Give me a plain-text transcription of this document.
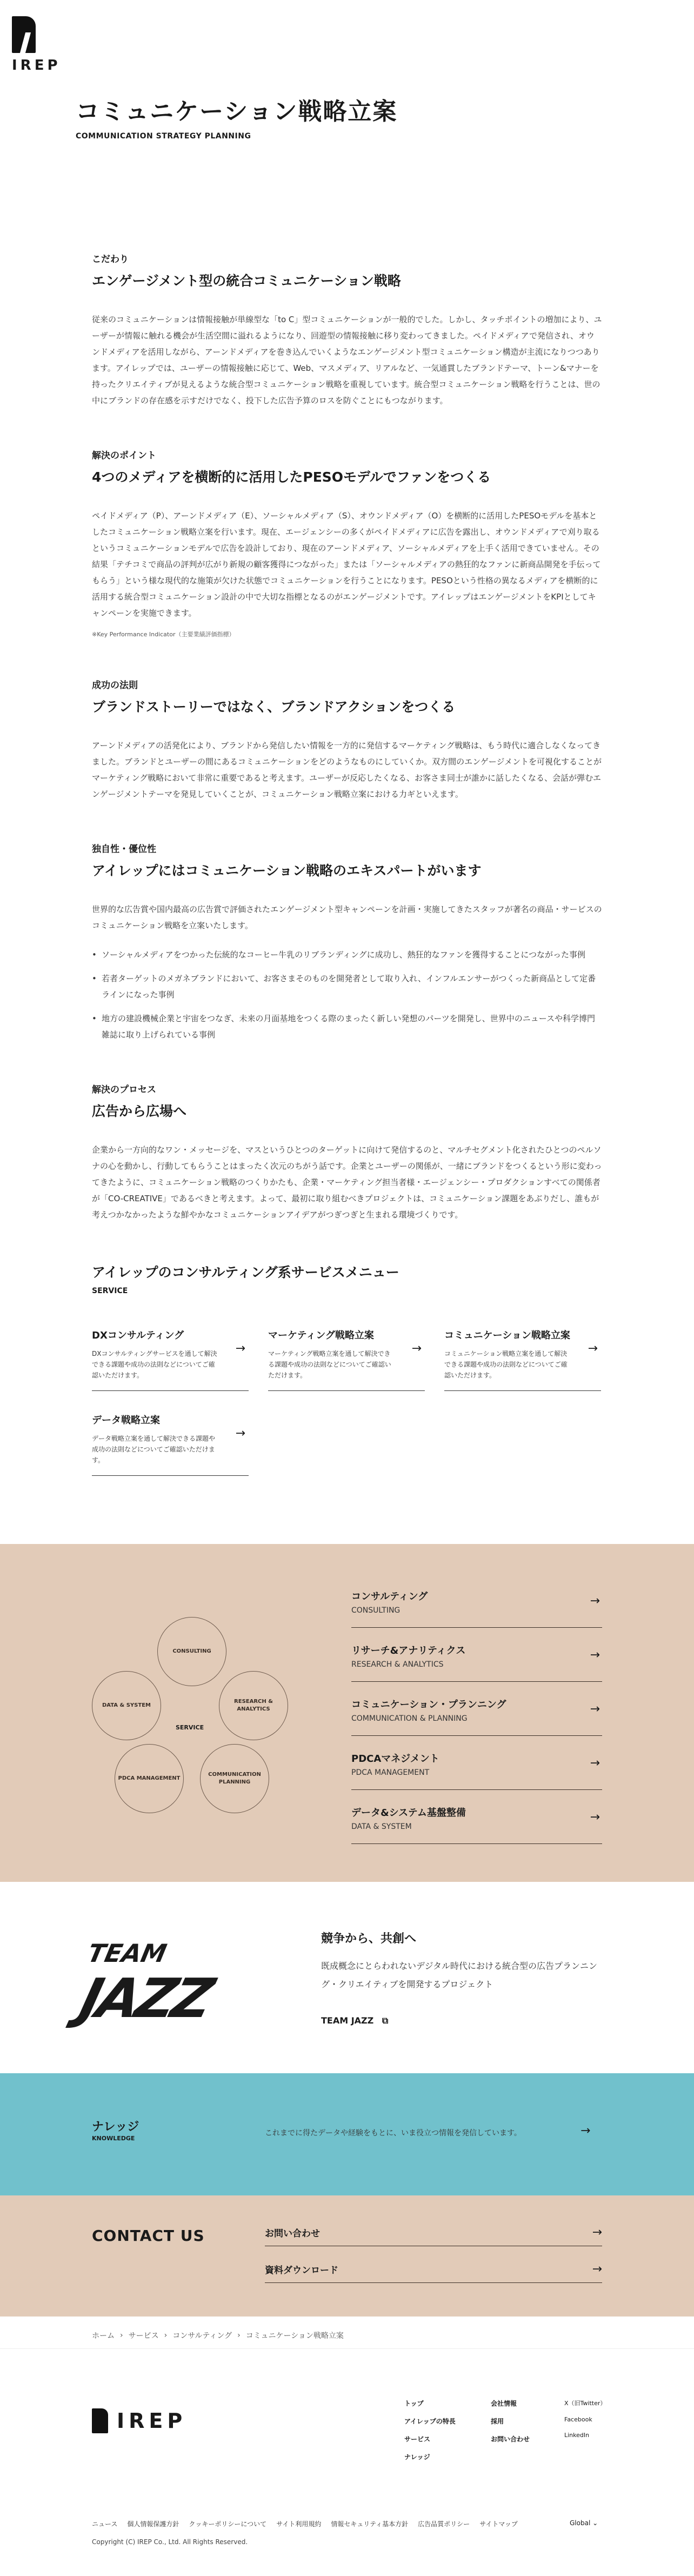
IREP
コミュニケーション戦略立案
COMMUNICATION STRATEGY PLANNING
こだわり
エンゲージメント型の統合コミュニケーション戦略

従来のコミュニケーションは情報接触が単線型な「to C」型コミュニケーションが一般的でした。しかし、タッチポイントの増加により、ユーザーが情報に触れる機会が生活空間に溢れるようになり、回遊型の情報接触に移り変わってきました。ペイドメディアで発信され、オウンドメディアを活用しながら、アーンドメディアを巻き込んでいくようなエンゲージメント型コミュニケーション構造が主流になりつつあります。アイレップでは、ユーザーの情報接触に応じて、Web、マスメディア、リアルなど、一気通貫したブランドテーマ、トーン&マナーを持ったクリエイティブが見えるような統合型コミュニケーション戦略を重視しています。統合型コミュニケーション戦略を行うことは、世の中にブランドの存在感を示すだけでなく、投下した広告予算のロスを防ぐことにもつながります。

解決のポイント
4つのメディアを横断的に活用したPESOモデルでファンをつくる

ペイドメディア（P）、アーンドメディア（E）、ソーシャルメディア（S）、オウンドメディア（O）を横断的に活用したPESOモデルを基本としたコミュニケーション戦略立案を行います。現在、エージェンシーの多くがペイドメディアに広告を露出し、オウンドメディアで刈り取るというコミュニケーションモデルで広告を設計しており、現在のアーンドメディア、ソーシャルメディアを上手く活用できていません。その結果「テチコミで商品の評判が広がり新規の顧客獲得につながった」または「ソーシャルメディアの熱狂的なファンに新商品開発を手伝ってもらう」という様な現代的な施策が欠けた状態でコミュニケーションを行うことになります。PESOという性格の異なるメディアを横断的に活用する統合型コミュニケーション設計の中で大切な指標となるのがエンゲージメントです。アイレップはエンゲージメントをKPIとしてキャンペーンを実施できます。

※Key Performance Indicator（主要業績評価指標）

成功の法則
ブランドストーリーではなく、ブランドアクションをつくる

アーンドメディアの活発化により、ブランドから発信したい情報を一方的に発信するマーケティング戦略は、もう時代に適合しなくなってきました。ブランドとユーザーの間にあるコミュニケーションをどのようなものにしていくか。双方間のエンゲージメントを可視化することがマーケティング戦略において非常に重要であると考えます。ユーザーが反応したくなる、お客さま同士が誰かに話したくなる、会話が弾むエンゲージメントテーマを発見していくことが、コミュニケーション戦略立案における力ギといえます。

独自性・優位性
アイレップにはコミュニケーション戦略のエキスパートがいます

世界的な広告賞や国内最高の広告賞で評価されたエンゲージメント型キャンペーンを計画・実施してきたスタッフが著名の商品・サービスのコミュニケーション戦略を立案いたします。

• ソーシャルメディアをつかった伝統的なコーヒー牛乳のリブランディングに成功し、熱狂的なファンを獲得することにつながった事例
• 若者ターゲットのメガネブランドにおいて、お客さまそのものを開発者として取り入れ、インフルエンサーがつくった新商品として定番ラインになった事例
• 地方の建設機械企業と宇宙をつなぎ、未来の月面基地をつくる際のまったく新しい発想のパーツを開発し、世界中のニュースや科学博門雑誌に取り上げられている事例
解決のプロセス
広告から広場へ

企業から一方向的なワン・メッセージを、マスというひとつのターゲットに向けて発信するのと、マルチセグメント化されたひとつのペルソナの心を動かし、行動してもらうことはまったく次元のちがう話です。企業とユーザーの関係が、一緒にブランドをつくるという形に変わってきたように、コミュニケーション戦略のつくりかたも、企業・マーケティング担当者様・エージェンシー・プロダクションすべての関係者が「CO-CREATIVE」であるべきと考えます。よって、最初に取り組むべきプロジェクトは、コミュニケーション課題をあぶりだし、誰もが考えつかなかったような鮮やかなコミュニケーションアイデアがつぎつぎと生まれる環境づくりです。

アイレップのコンサルティング系サービスメニュー
SERVICE
DXコンサルティング

DXコンサルティングサービスを通して解決できる課題や成功の法則などについてご確認いただけます。

→
マーケティング戦略立案

マーケティング戦略立案を通して解決できる課題や成功の法則などについてご確認いただけます。

→
コミュニケーション戦略立案

コミュニケーション戦略立案を通して解決できる課題や成功の法則などについてご確認いただけます。

→
データ戦略立案

データ戦略立案を通して解決できる課題や成功の法則などについてご確認いただけます。

→
CONSULTING
RESEARCH & ANALYTICS
COMMUNICATION PLANNING
PDCA MANAGEMENT
DATA & SYSTEM
SERVICE
コンサルティング
CONSULTING
→
リサーチ&アナリティクス
RESEARCH & ANALYTICS
→
コミュニケーション・プランニング
COMMUNICATION & PLANNING
→
PDCAマネジメント
PDCA MANAGEMENT
→
データ&システム基盤整備
DATA & SYSTEM
→
TEAM
JAZZ
競争から、共創へ

既成概念にとらわれないデジタル時代における統合型の広告プランニング・クリエイティブを開発するプロジェクト

TEAM JAZZ ⧉
ナレッジ
KNOWLEDGE
これまでに得たデータや経験をもとに、いま役立つ情報を発信しています。	→
CONTACT US	お問い合わせ	→
資料ダウンロード	→
ホーム › サービス › コンサルティング › コミュニケーション戦略立案
IREP
トップ
アイレップの特長
サービス
ナレッジ
会社情報
採用
お問い合わせ
X（旧Twitter）
Facebook
LinkedIn
ニュース 個人情報保護方針 クッキーポリシーについて サイト利用規約 情報セキュリティ基本方針 広告品質ポリシー サイトマップ	Global ⌄
Copyright (C) IREP Co., Ltd. All Rights Reserved.
